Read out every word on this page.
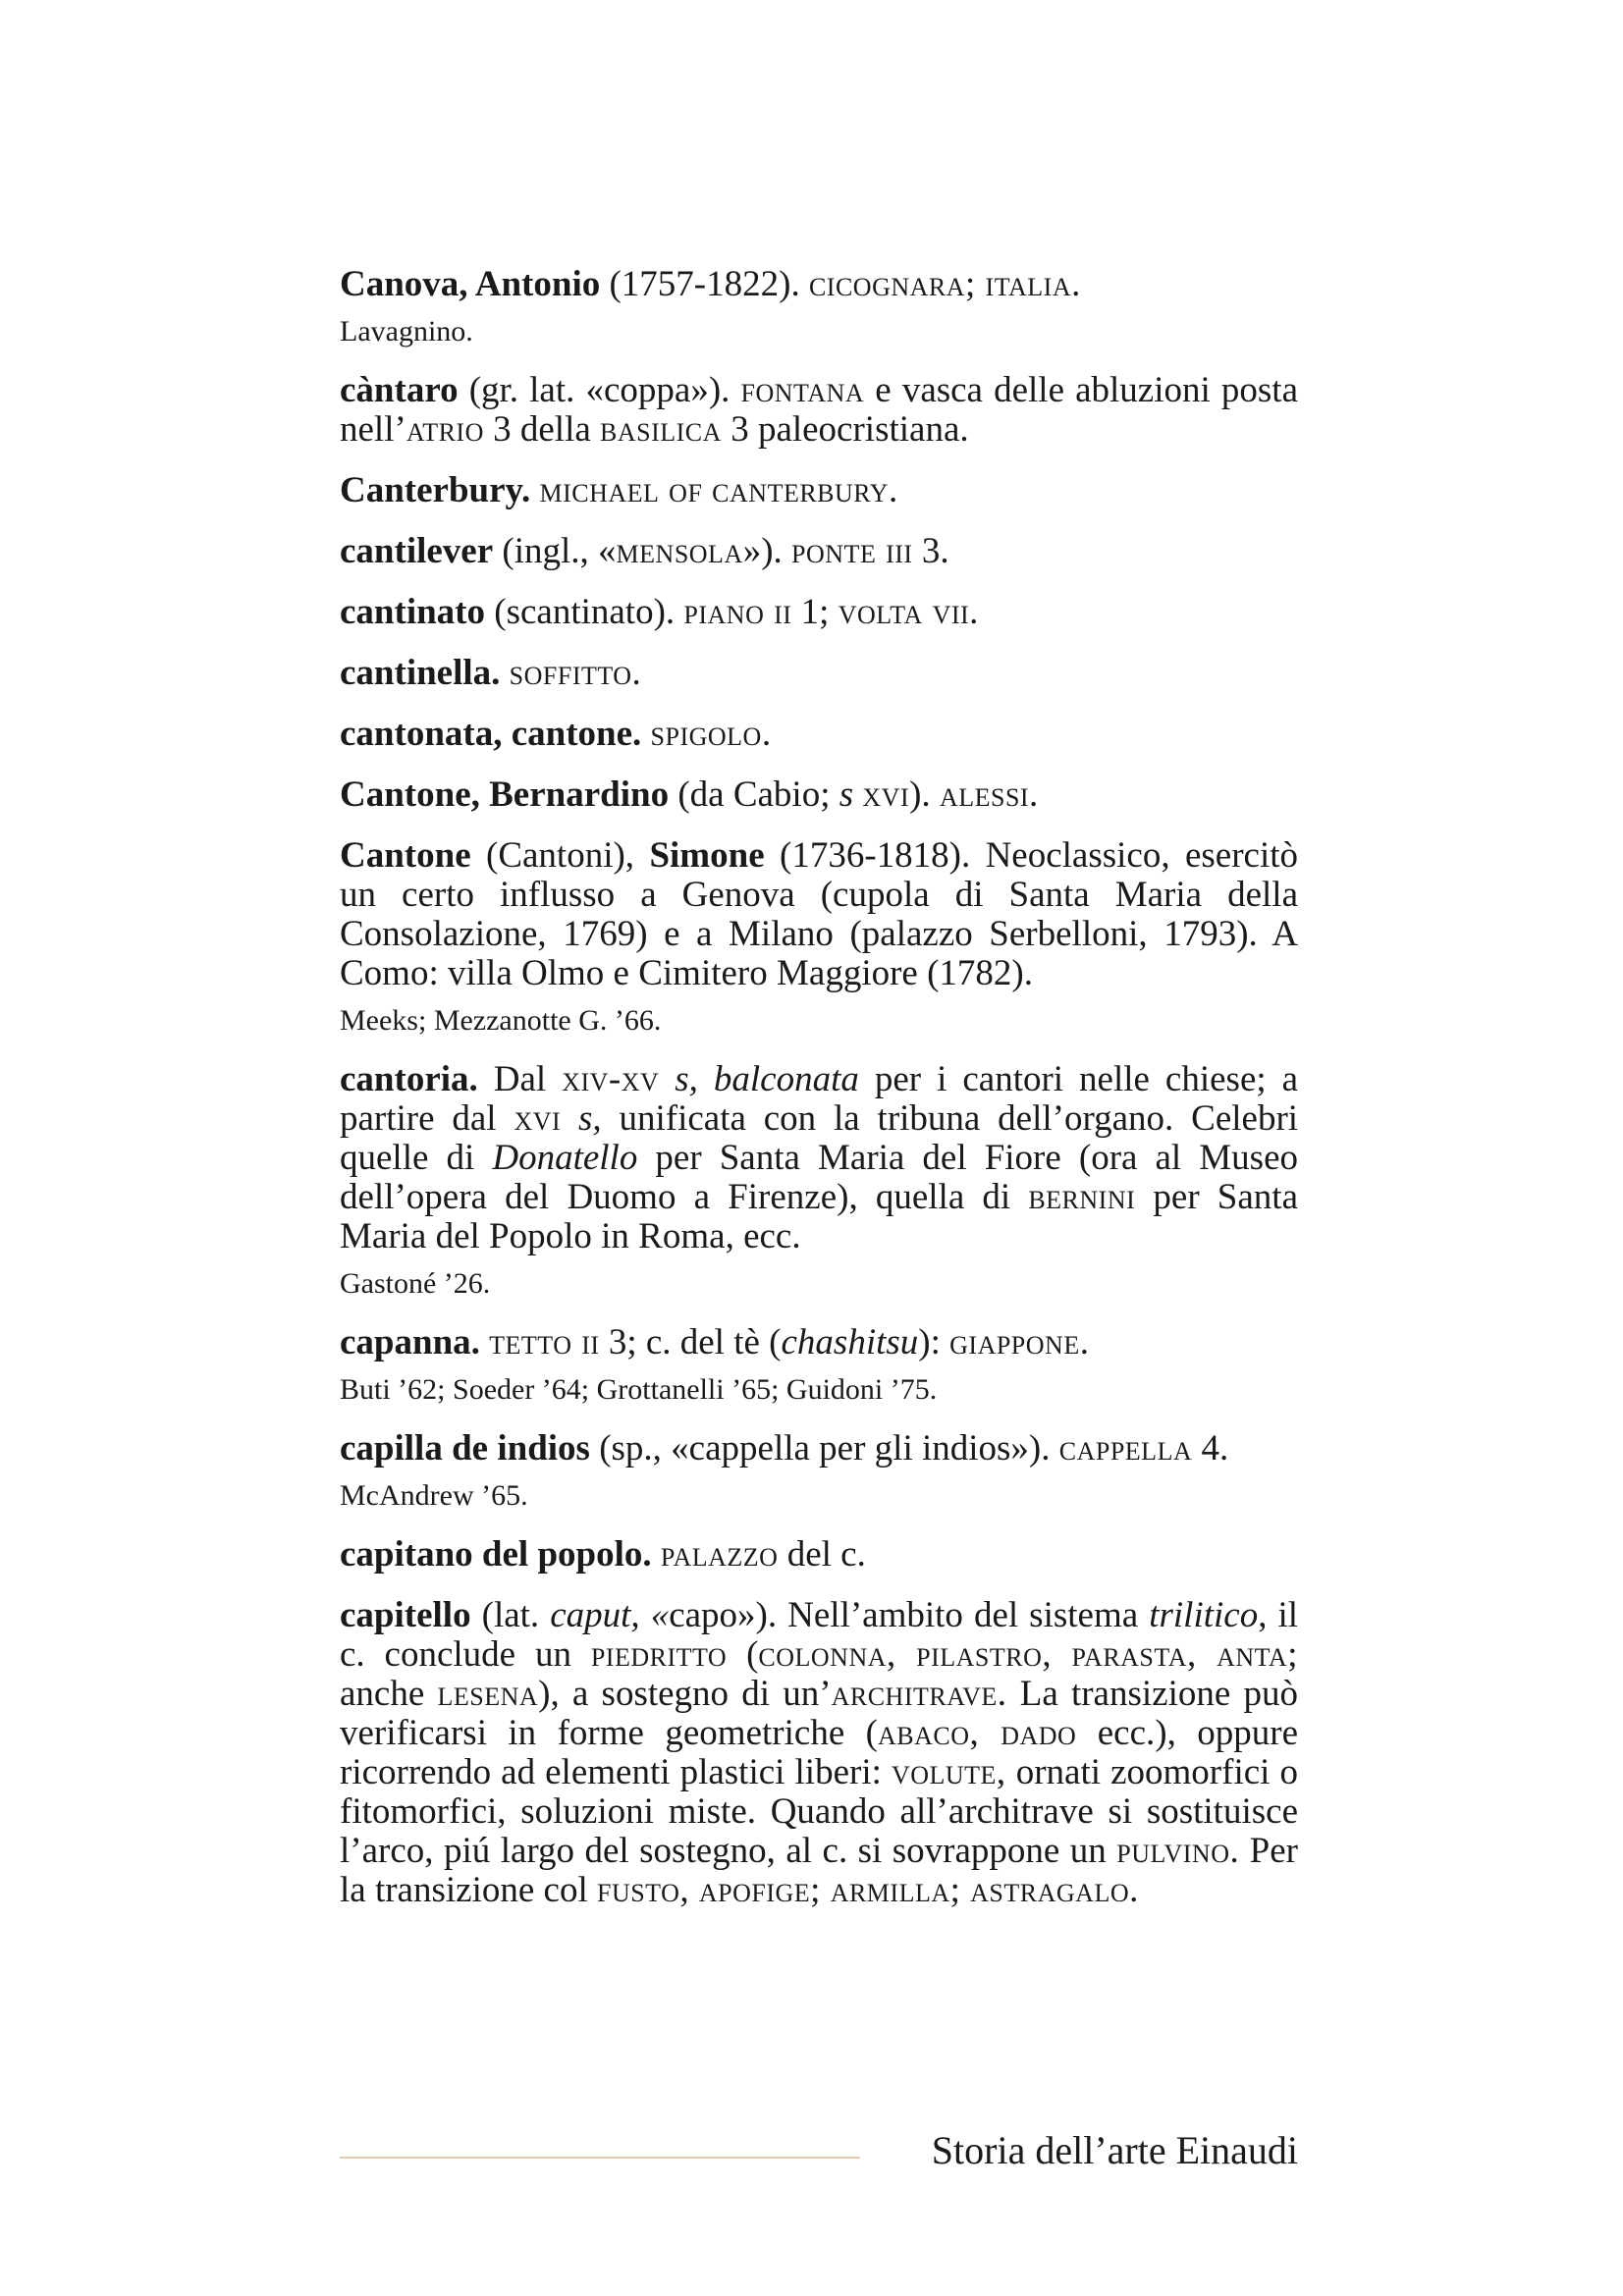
Canova, Antonio (1757-1822). cicognara; italia.

Lavagnino.

càntaro (gr. lat. «coppa»). fontana e vasca delle abluzioni posta nell’atrio 3 della basilica 3 paleocristiana.

Canterbury. michael of canterbury.

cantilever (ingl., «mensola»). ponte iii 3.

cantinato (scantinato). piano ii 1; volta vii.

cantinella. soffitto.

cantonata, cantone. spigolo.

Cantone, Bernardino (da Cabio; s xvi). alessi.

Cantone (Cantoni), Simone (1736-1818). Neoclassico, esercitò un certo influsso a Genova (cupola di Santa Maria della Consolazione, 1769) e a Milano (palazzo Serbelloni, 1793). A Como: villa Olmo e Cimitero Maggiore (1782).

Meeks; Mezzanotte G. ’66.

cantoria. Dal xiv-xv s, balconata per i cantori nelle chiese; a partire dal xvi s, unificata con la tribuna dell’organo. Celebri quelle di Donatello per Santa Maria del Fiore (ora al Museo dell’opera del Duomo a Firenze), quella di bernini per Santa Maria del Popolo in Roma, ecc.

Gastoné ’26.

capanna. tetto ii 3; c. del tè (chashitsu): giappone.

Buti ’62; Soeder ’64; Grottanelli ’65; Guidoni ’75.

capilla de indios (sp., «cappella per gli indios»). cappella 4.

McAndrew ’65.

capitano del popolo. palazzo del c.

capitello (lat. caput, «capo»). Nell’ambito del sistema trilitico, il c. conclude un piedritto (colonna, pilastro, parasta, anta; anche lesena), a sostegno di un’architrave. La transizione può verificarsi in forme geometriche (abaco, dado ecc.), oppure ricorrendo ad elementi plastici liberi: volute, ornati zoomorfici o fitomorfici, soluzioni miste. Quando all’architrave si sostituisce l’arco, piú largo del sostegno, al c. si sovrappone un pulvino. Per la transizione col fusto, apofige; armilla; astragalo.

Storia dell’arte Einaudi
